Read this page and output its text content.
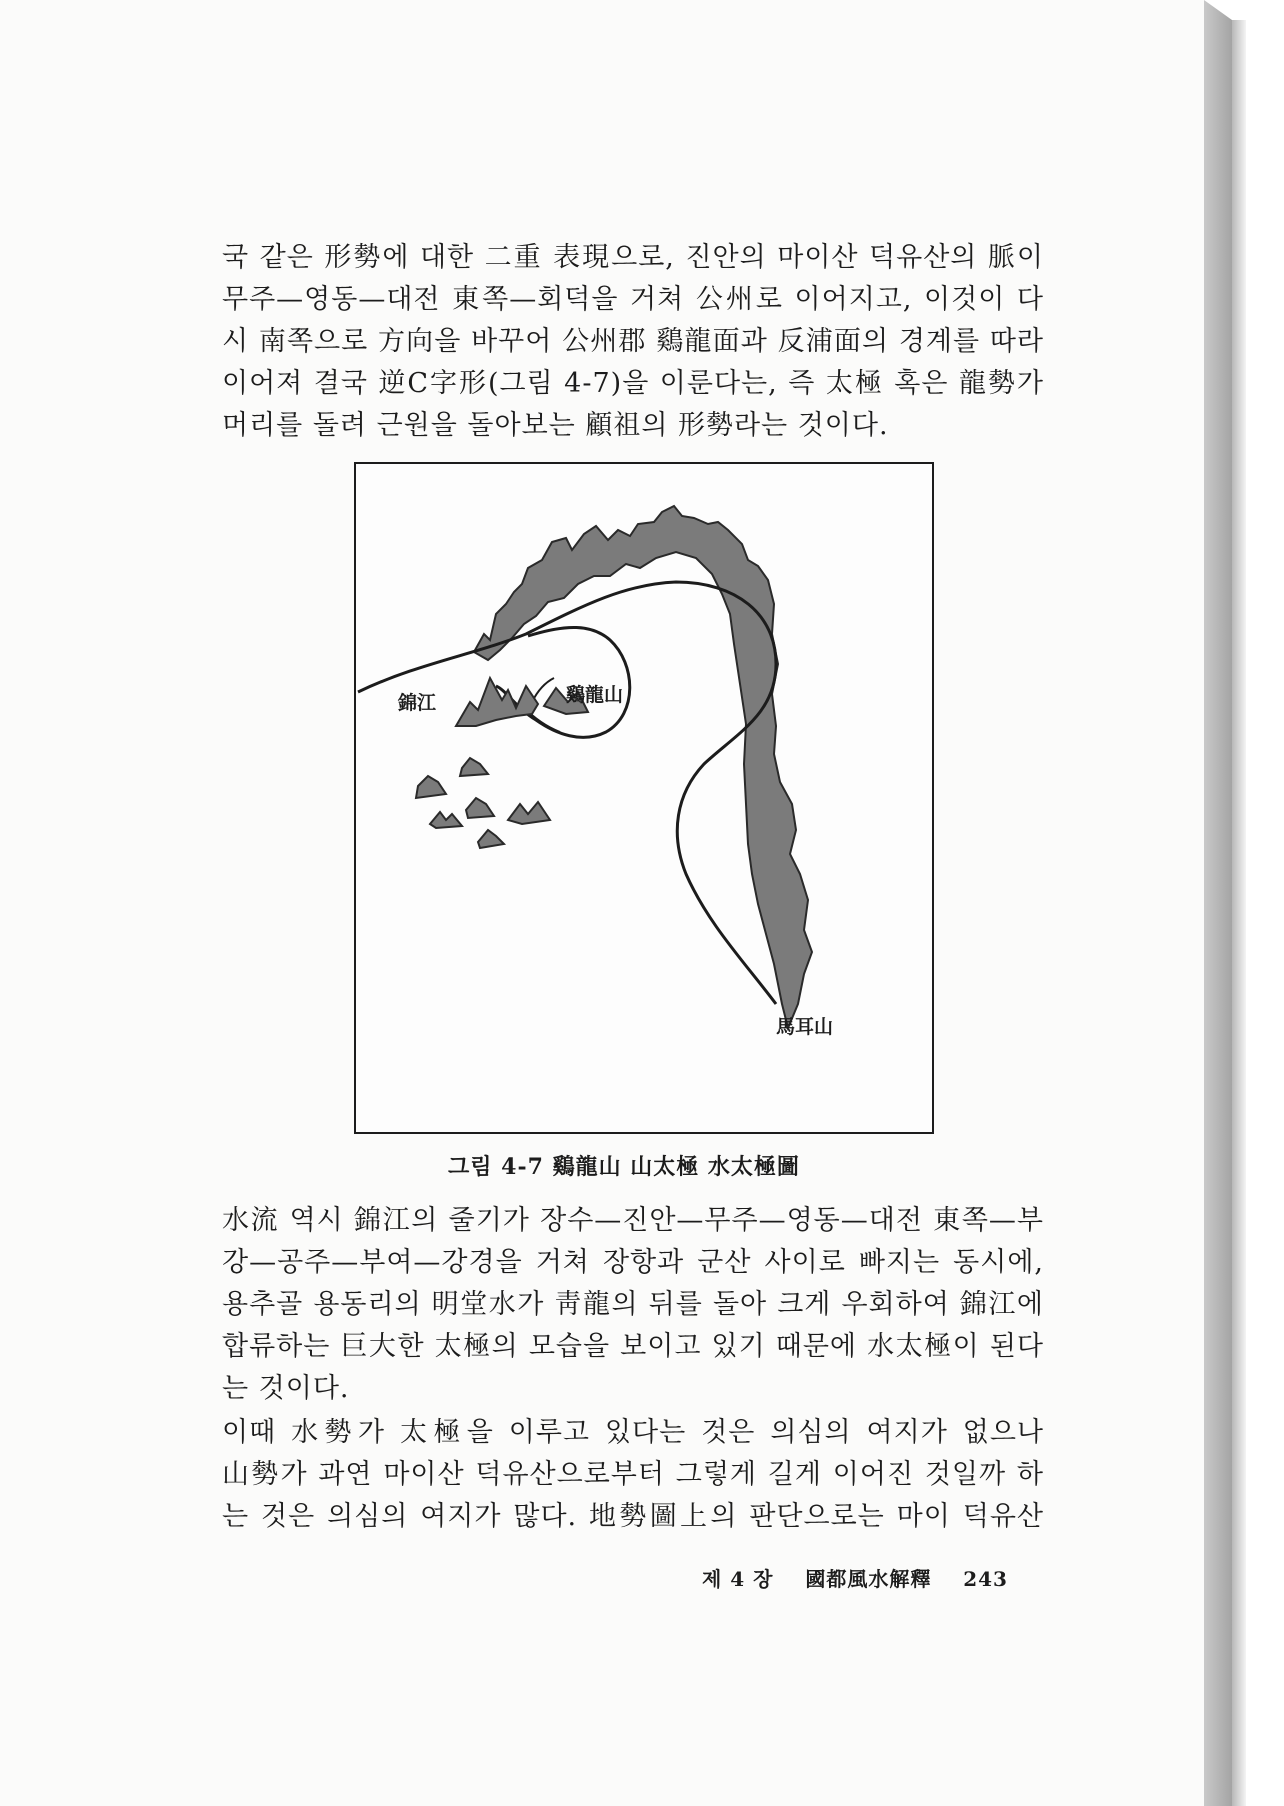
국 같은 形勢에 대한 二重 表現으로, 진안의 마이산 덕유산의 脈이
무주—영동—대전 東쪽—회덕을 거쳐 公州로 이어지고, 이것이 다
시 南쪽으로 方向을 바꾸어 公州郡 鷄龍面과 反浦面의 경계를 따라
이어져 결국 逆C字形(그림 4-7)을 이룬다는, 즉 太極 혹은 龍勢가
머리를 돌려 근원을 돌아보는 顧祖의 形勢라는 것이다.
錦江	鷄龍山
馬耳山
그림 4-7 鷄龍山 山太極 水太極圖
水流 역시 錦江의 줄기가 장수—진안—무주—영동—대전 東쪽—부
강—공주—부여—강경을 거쳐 장항과 군산 사이로 빠지는 동시에,
용추골 용동리의 明堂水가 靑龍의 뒤를 돌아 크게 우회하여 錦江에
합류하는 巨大한 太極의 모습을 보이고 있기 때문에 水太極이 된다
는 것이다.
이때 水勢가 太極을 이루고 있다는 것은 의심의 여지가 없으나
山勢가 과연 마이산 덕유산으로부터 그렇게 길게 이어진 것일까 하
는 것은 의심의 여지가 많다. 地勢圖上의 판단으로는 마이 덕유산
제 4 장 國都風水解釋 243
